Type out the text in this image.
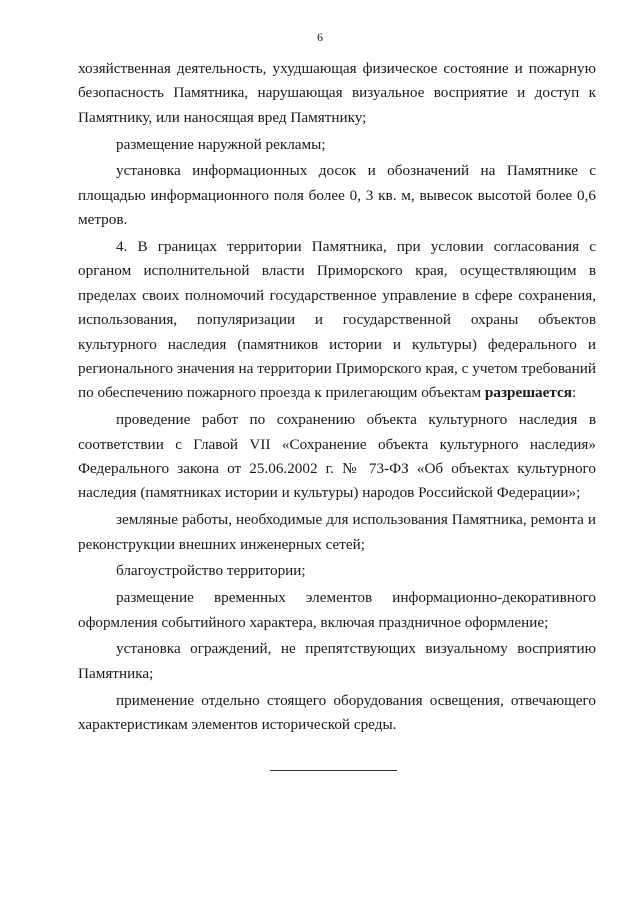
6

хозяйственная деятельность, ухудшающая физическое состояние и пожарную безопасность Памятника, нарушающая визуальное восприятие и доступ к Памятнику, или наносящая вред Памятнику;

размещение наружной рекламы;

установка информационных досок и обозначений на Памятнике с площадью информационного поля более 0, 3 кв. м, вывесок высотой более 0,6 метров.

4. В границах территории Памятника, при условии согласования с органом исполнительной власти Приморского края, осуществляющим в пределах своих полномочий государственное управление в сфере сохранения, использования, популяризации и государственной охраны объектов культурного наследия (памятников истории и культуры) федерального и регионального значения на территории Приморского края, с учетом требований по обеспечению пожарного проезда к прилегающим объектам разрешается:

проведение работ по сохранению объекта культурного наследия в соответствии с Главой VII «Сохранение объекта культурного наследия» Федерального закона от 25.06.2002 г. № 73-ФЗ «Об объектах культурного наследия (памятниках истории и культуры) народов Российской Федерации»;

земляные работы, необходимые для использования Памятника, ремонта и реконструкции внешних инженерных сетей;

благоустройство территории;

размещение временных элементов информационно-декоративного оформления событийного характера, включая праздничное оформление;

установка ограждений, не препятствующих визуальному восприятию Памятника;

применение отдельно стоящего оборудования освещения, отвечающего характеристикам элементов исторической среды.
